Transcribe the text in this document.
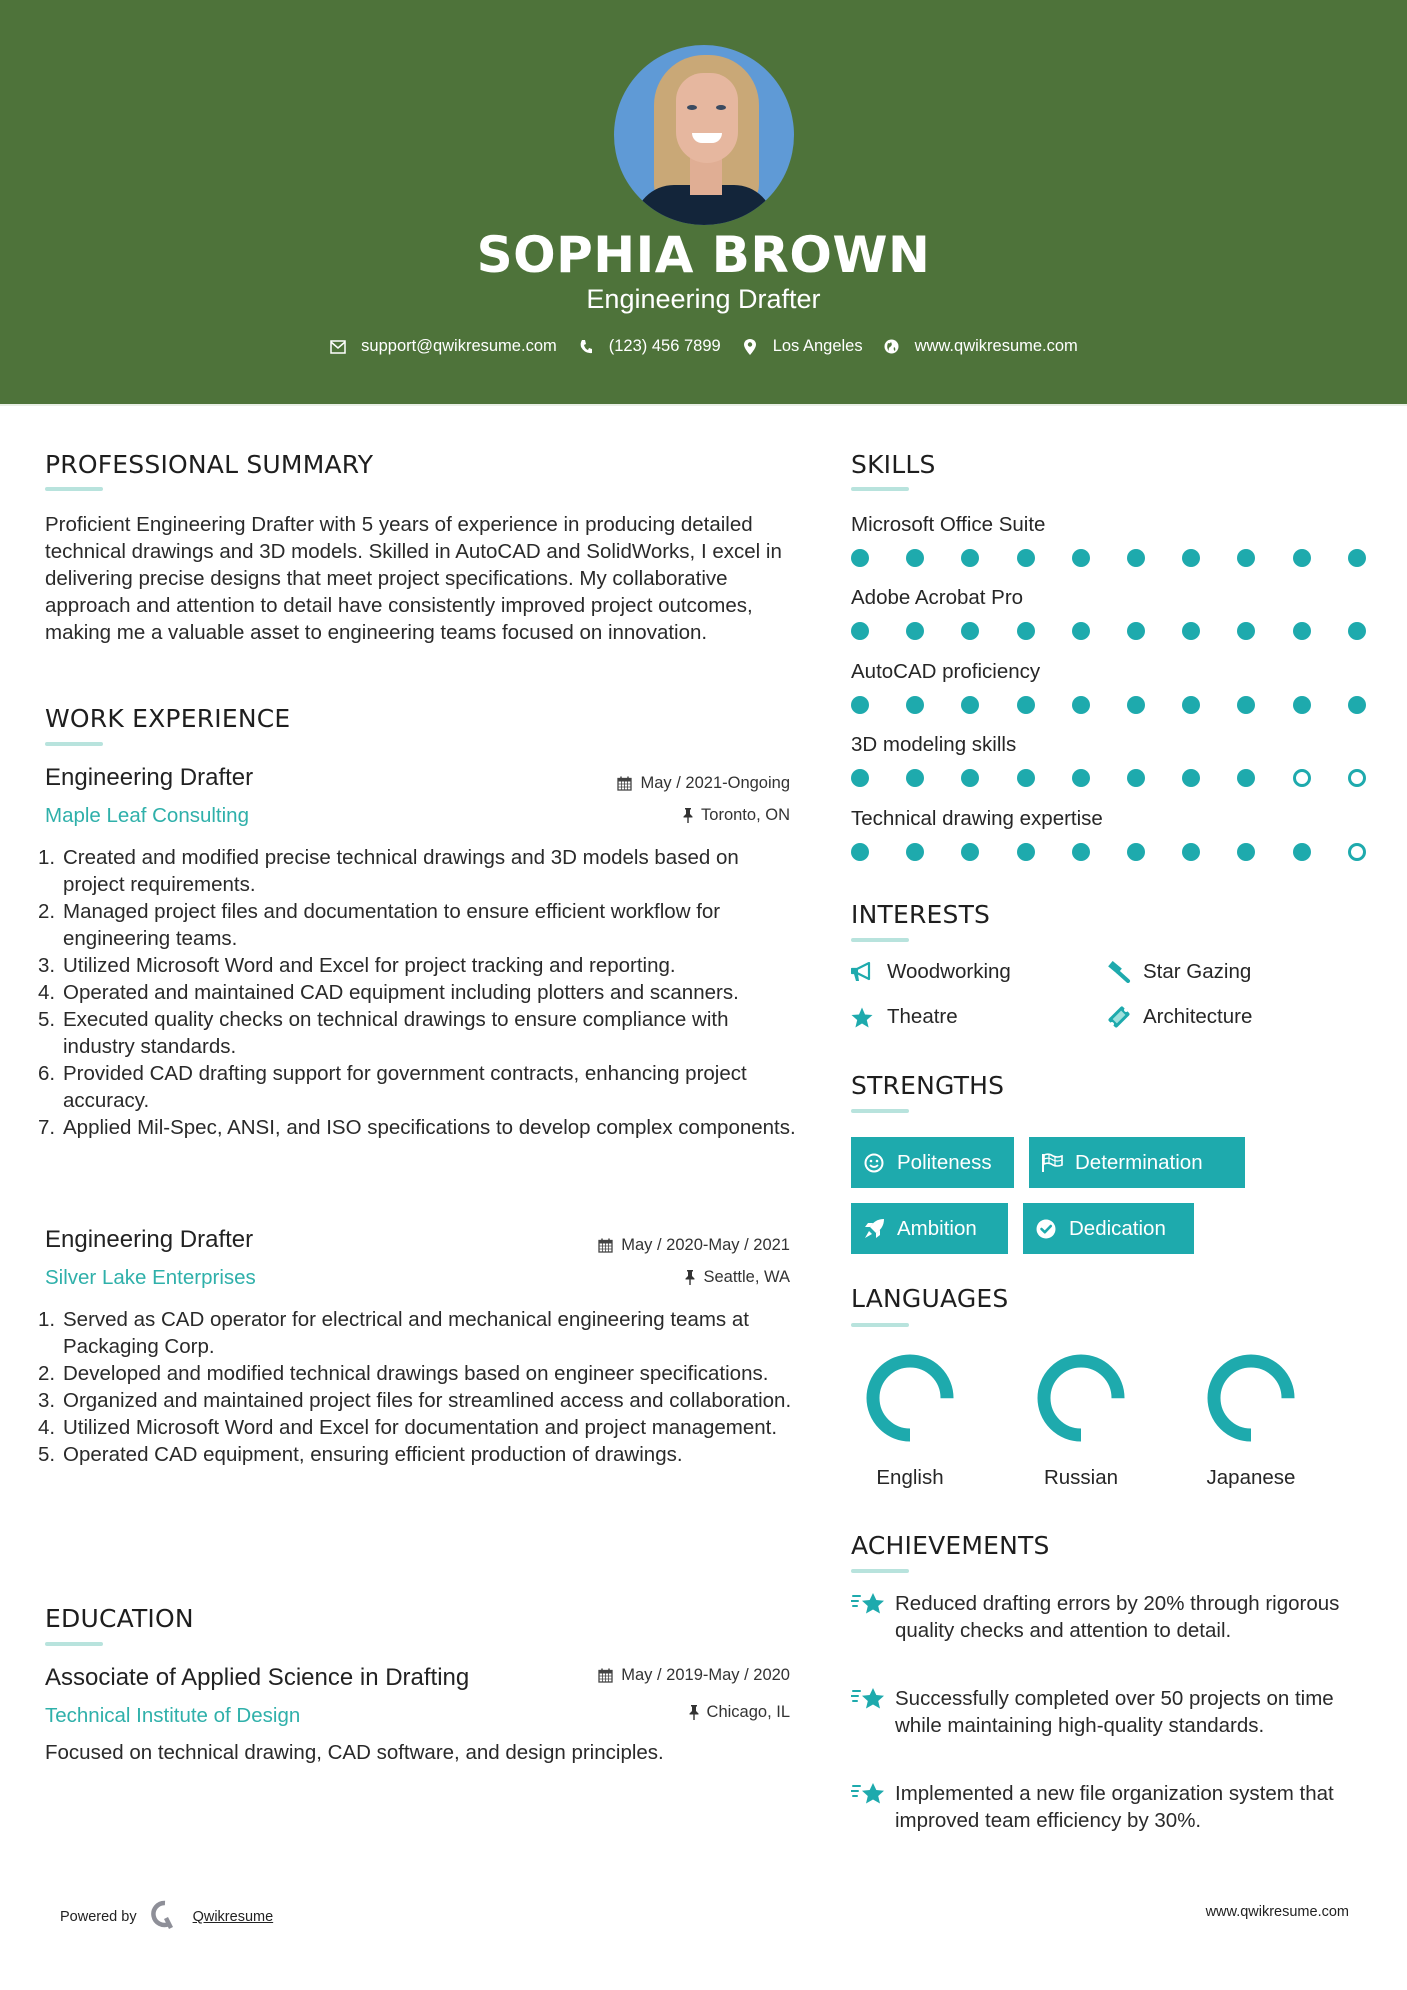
SOPHIA BROWN
Engineering Drafter
support@qwikresume.com	(123) 456 7899	Los Angeles	www.qwikresume.com
PROFESSIONAL SUMMARY
Proficient Engineering Drafter with 5 years of experience in producing detailed technical drawings and 3D models. Skilled in AutoCAD and SolidWorks, I excel in delivering precise designs that meet project specifications. My collaborative approach and attention to detail have consistently improved project outcomes, making me a valuable asset to engineering teams focused on innovation.
WORK EXPERIENCE
Engineering Drafter	May / 2021-Ongoing
Maple Leaf Consulting	Toronto, ON
1. Created and modified precise technical drawings and 3D models based on project requirements.
2. Managed project files and documentation to ensure efficient workflow for engineering teams.
3. Utilized Microsoft Word and Excel for project tracking and reporting.
4. Operated and maintained CAD equipment including plotters and scanners.
5. Executed quality checks on technical drawings to ensure compliance with industry standards.
6. Provided CAD drafting support for government contracts, enhancing project accuracy.
7. Applied Mil-Spec, ANSI, and ISO specifications to develop complex components.
Engineering Drafter	May / 2020-May / 2021
Silver Lake Enterprises	Seattle, WA
1. Served as CAD operator for electrical and mechanical engineering teams at Packaging Corp.
2. Developed and modified technical drawings based on engineer specifications.
3. Organized and maintained project files for streamlined access and collaboration.
4. Utilized Microsoft Word and Excel for documentation and project management.
5. Operated CAD equipment, ensuring efficient production of drawings.
EDUCATION
Associate of Applied Science in Drafting	May / 2019-May / 2020
Technical Institute of Design	Chicago, IL
Focused on technical drawing, CAD software, and design principles.
SKILLS
Microsoft Office Suite
Adobe Acrobat Pro
AutoCAD proficiency
3D modeling skills
Technical drawing expertise
INTERESTS
Woodworking	Star Gazing
Theatre	Architecture
STRENGTHS
Politeness	Determination
Ambition	Dedication
LANGUAGES
English	Russian	Japanese
ACHIEVEMENTS
Reduced drafting errors by 20% through rigorous quality checks and attention to detail.
Successfully completed over 50 projects on time while maintaining high-quality standards.
Implemented a new file organization system that improved team efficiency by 30%.
Powered by	Qwikresume	www.qwikresume.com
